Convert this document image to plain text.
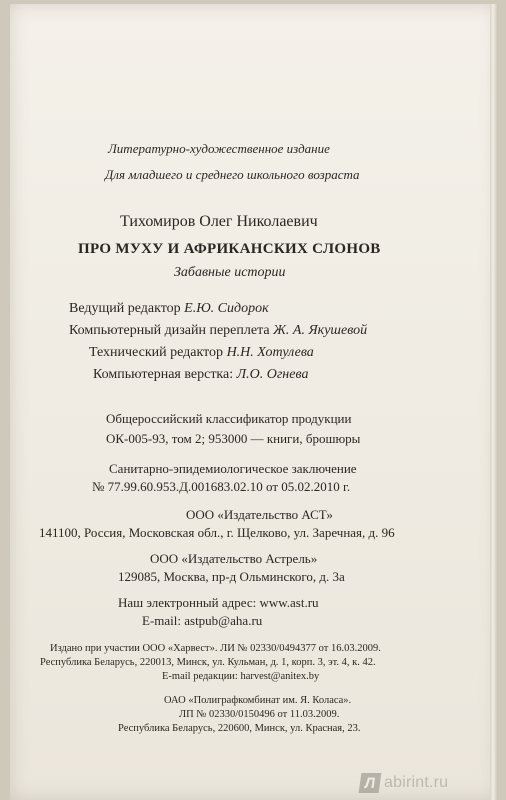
Литературно-художественное издание
Для младшего и среднего школьного возраста
Тихомиров Олег Николаевич
ПРО МУХУ И АФРИКАНСКИХ СЛОНОВ
Забавные истории
Ведущий редактор Е.Ю. Сидорок
Компьютерный дизайн переплета Ж. А. Якушевой
Технический редактор Н.Н. Хотулева
Компьютерная верстка: Л.О. Огнева
Общероссийский классификатор продукции
ОК-005-93, том 2; 953000 — книги, брошюры
Санитарно-эпидемиологическое заключение
№ 77.99.60.953.Д.001683.02.10 от 05.02.2010 г.
ООО «Издательство АСТ»
141100, Россия, Московская обл., г. Щелково, ул. Заречная, д. 96
ООО «Издательство Астрель»
129085, Москва, пр-д Ольминского, д. 3а
Наш электронный адрес: www.ast.ru
E-mail: astpub@aha.ru
Издано при участии ООО «Харвест». ЛИ № 02330/0494377 от 16.03.2009.
Республика Беларусь, 220013, Минск, ул. Кульман, д. 1, корп. 3, эт. 4, к. 42.
E-mail редакции: harvest@anitex.by
ОАО «Полиграфкомбинат им. Я. Коласа».
ЛП № 02330/0150496 от 11.03.2009.
Республика Беларусь, 220600, Минск, ул. Красная, 23.
Л abirint.ru
